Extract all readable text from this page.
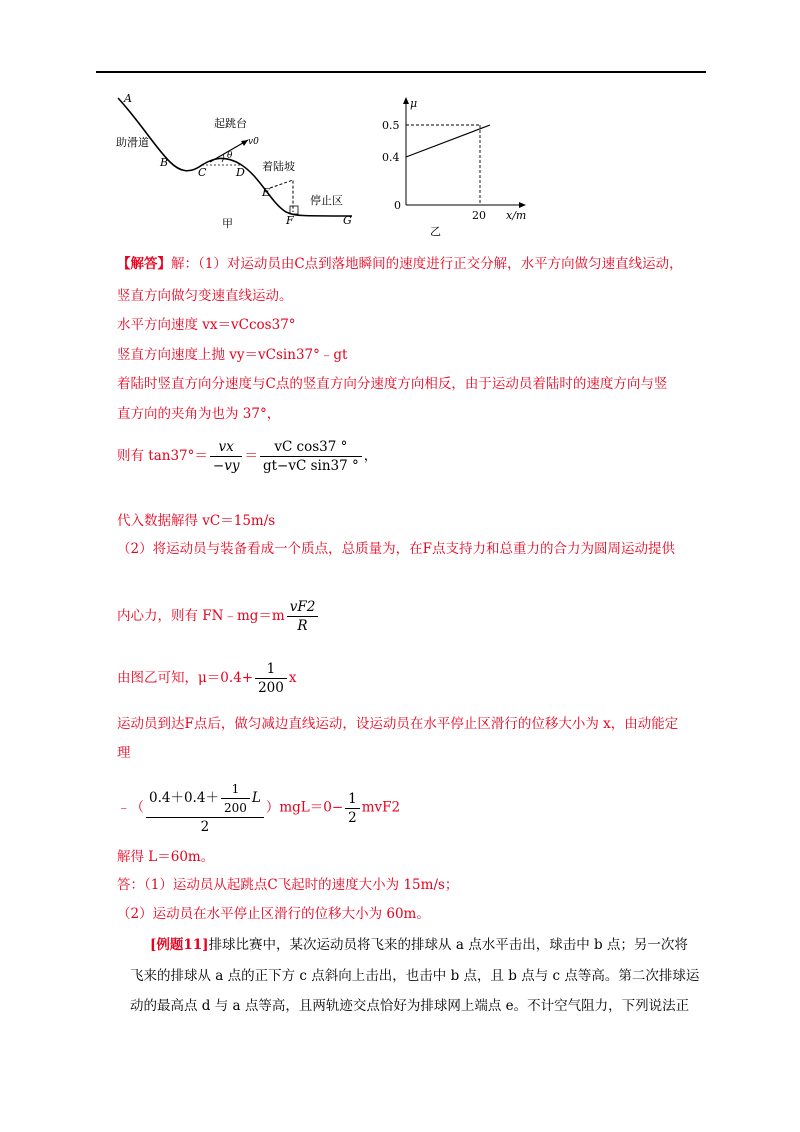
A
助滑道
B
C
起跳台
v0
θ
D 着陆坡
E
停止区
F	G
甲
μ
0.5
0.4
0
20 x/m
乙
【解答】解：（1）对运动员由C点到落地瞬间的速度进行正交分解，水平方向做匀速直线运动，
竖直方向做匀变速直线运动。
水平方向速度 vx＝vCcos37°
竖直方向速度上抛 vy＝vCsin37°﹣gt
着陆时竖直方向分速度与C点的竖直方向分速度方向相反，由于运动员着陆时的速度方向与竖
直方向的夹角为也为 37°，
则有 $\tan 37^\circ= \frac{vx}{-vy} = \frac{\text{vC cos37 °}}{\text{gt−vC sin37 °}}$ ，
代入数据解得 vC＝15m/s
（2）将运动员与装备看成一个质点，总质量为，在F点支持力和总重力的合力为圆周运动提供
内心力，则有 FN﹣mg＝m $\frac{vF2}{R}$
由图乙可知，$\mu=0.4+ \frac{1}{200}$ x
运动员到达F点后，做匀减边直线运动，设运动员在水平停止区滑行的位移大小为 x，由动能定
理
﹣（ $\frac{0.4+0.4+ \frac{1}{200} L}{2} )mgL=0- \frac{1}{2} mvF2$
解得 L＝60m。
答：（1）运动员从起跳点C飞起时的速度大小为 15m/s；
（2）运动员在水平停止区滑行的位移大小为 60m。
[例题11]排球比赛中，某次运动员将飞来的排球从 a 点水平击出，球击中 b 点；另一次将
飞来的排球从 a 点的正下方 c 点斜向上击出，也击中 b 点，且 b 点与 c 点等高。第二次排球运
动的最高点 d 与 a 点等高，且两轨迹交点恰好为排球网上端点 e。不计空气阻力，下列说法正
